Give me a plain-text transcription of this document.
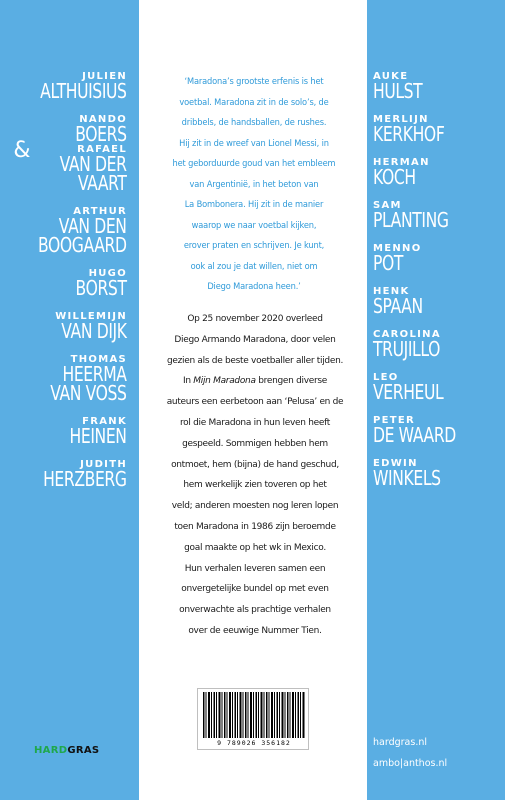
JULIEN
ALTHUISIUS
NANDO
BOERS
&	RAFAEL
VAN DER
VAART
ARTHUR
VAN DEN
BOOGAARD
HUGO
BORST
WILLEMIJN
VAN DIJK
THOMAS
HEERMA
VAN VOSS
FRANK
HEINEN
JUDITH
HERZBERG
AUKE
HULST
MERLIJN
KERKHOF
HERMAN
KOCH
SAM
PLANTING
MENNO
POT
HENK
SPAAN
CAROLINA
TRUJILLO
LEO
VERHEUL
PETER
DE WAARD
EDWIN
WINKELS
‘Maradona’s grootste erfenis is het
voetbal. Maradona zit in de solo’s, de
dribbels, de handsballen, de rushes.
Hij zit in de wreef van Lionel Messi, in
het geborduurde goud van het embleem
van Argentinië, in het beton van
La Bombonera. Hij zit in de manier
waarop we naar voetbal kijken,
erover praten en schrijven. Je kunt,
ook al zou je dat willen, niet om
Diego Maradona heen.’
Op 25 november 2020 overleed
Diego Armando Maradona, door velen
gezien als de beste voetballer aller tijden.
In Mijn Maradona brengen diverse
auteurs een eerbetoon aan ‘Pelusa’ en de
rol die Maradona in hun leven heeft
gespeeld. Sommigen hebben hem
ontmoet, hem (bijna) de hand geschud,
hem werkelijk zien toveren op het
veld; anderen moesten nog leren lopen
toen Maradona in 1986 zijn beroemde
goal maakte op het wk in Mexico.
Hun verhalen leveren samen een
onvergetelijke bundel op met even
onverwachte als prachtige verhalen
over de eeuwige Nummer Tien.
9 789026 356182
HARDGRAS
hardgras.nl
ambo|anthos.nl
